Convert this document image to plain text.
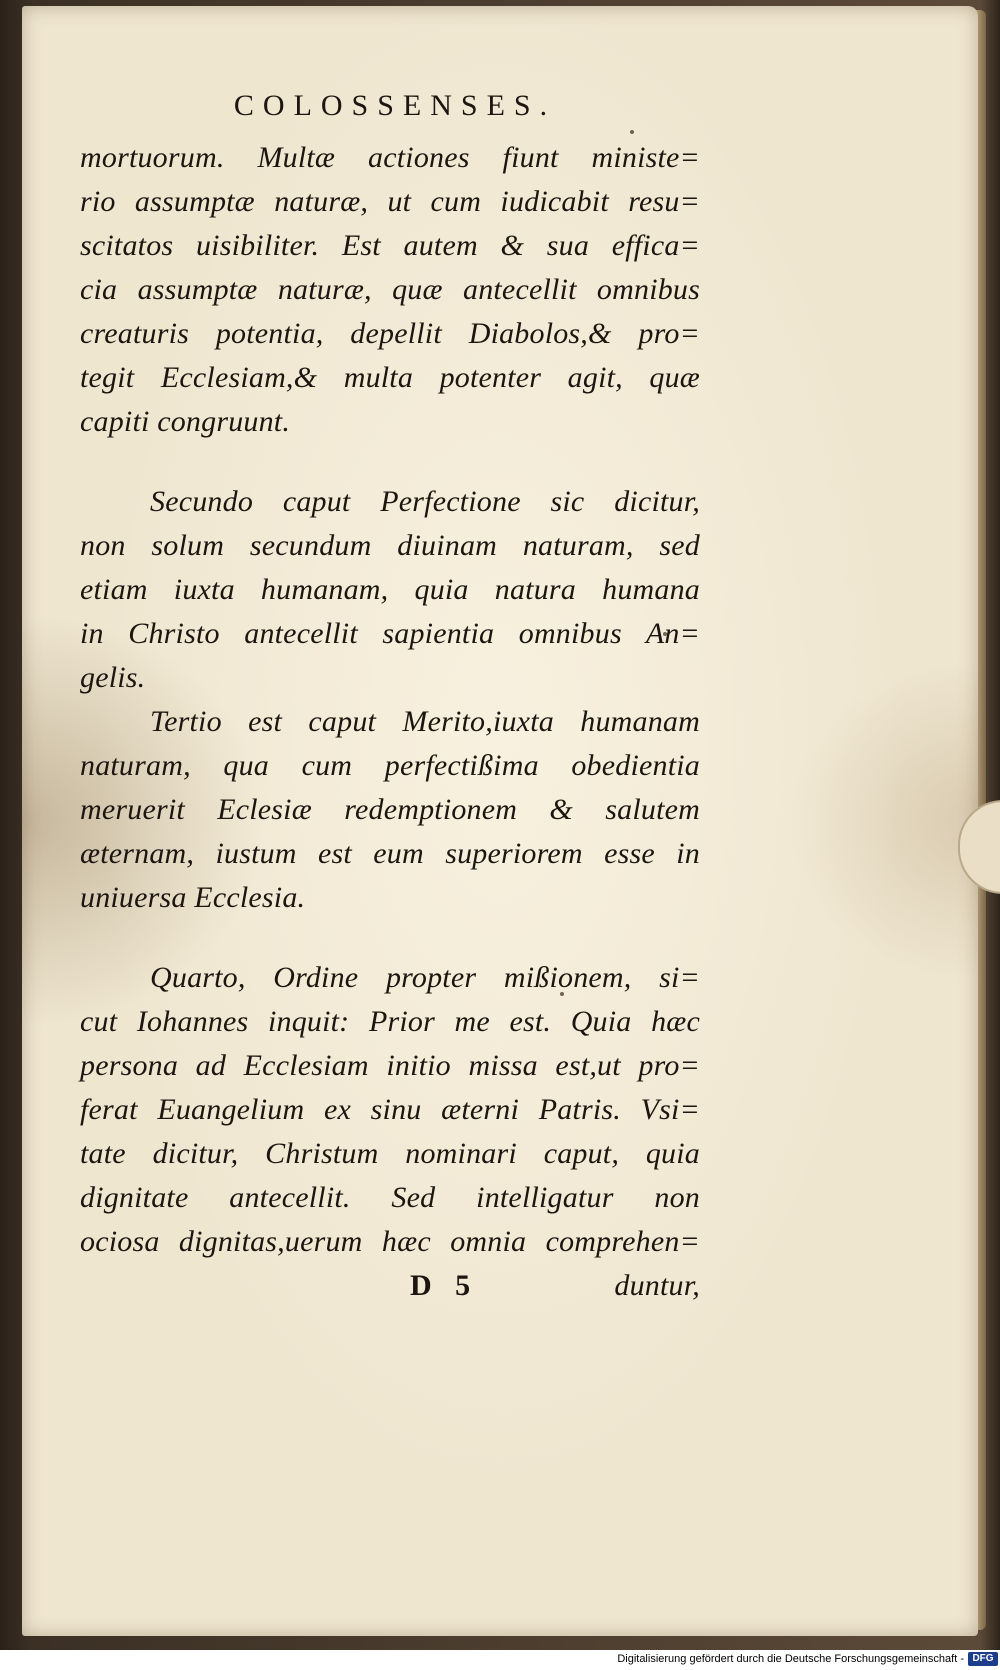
COLOSSENSES.
mortuorum. Multæ actiones fiunt ministe=
rio assumptæ naturæ, ut cum iudicabit resu=
scitatos uisibiliter. Est autem & sua effica=
cia assumptæ naturæ, quæ antecellit omnibus
creaturis potentia, depellit Diabolos,& pro=
tegit Ecclesiam,& multa potenter agit, quæ
capiti congruunt.
Secundo caput Perfectione sic dicitur,
non solum secundum diuinam naturam, sed
etiam iuxta humanam, quia natura humana
in Christo antecellit sapientia omnibus An=
gelis.
Tertio est caput Merito,iuxta humanam
naturam, qua cum perfectißima obedientia
meruerit Eclesiæ redemptionem & salutem
æternam, iustum est eum superiorem esse in
uniuersa Ecclesia.
Quarto, Ordine propter mißionem, si=
cut Iohannes inquit: Prior me est. Quia hæc
persona ad Ecclesiam initio missa est,ut pro=
ferat Euangelium ex sinu æterni Patris. Vsi=
tate dicitur, Christum nominari caput, quia
dignitate antecellit. Sed intelligatur non
ociosa dignitas,uerum hæc omnia comprehen=
D 5	duntur,
Digitalisierung gefördert durch die Deutsche Forschungsgemeinschaft - DFG
